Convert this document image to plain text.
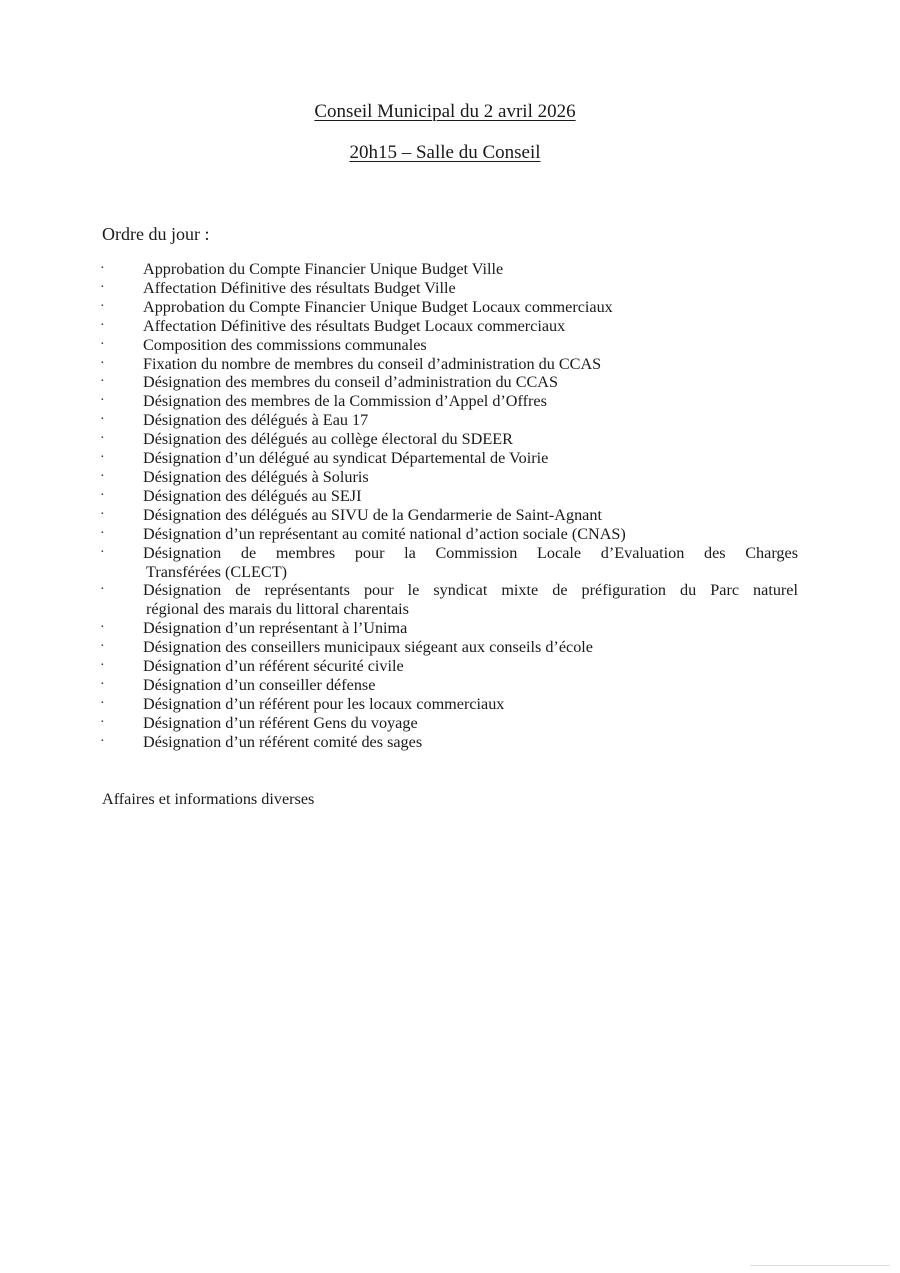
Conseil Municipal du 2 avril 2026
20h15 – Salle du Conseil
Ordre du jour :
· Approbation du Compte Financier Unique Budget Ville
· Affectation Définitive des résultats Budget Ville
· Approbation du Compte Financier Unique Budget Locaux commerciaux
· Affectation Définitive des résultats Budget Locaux commerciaux
· Composition des commissions communales
· Fixation du nombre de membres du conseil d’administration du CCAS
· Désignation des membres du conseil d’administration du CCAS
· Désignation des membres de la Commission d’Appel d’Offres
· Désignation des délégués à Eau 17
· Désignation des délégués au collège électoral du SDEER
· Désignation d’un délégué au syndicat Départemental de Voirie
· Désignation des délégués à Soluris
· Désignation des délégués au SEJI
· Désignation des délégués au SIVU de la Gendarmerie de Saint-Agnant
· Désignation d’un représentant au comité national d’action sociale (CNAS)
· Désignation de membres pour la Commission Locale d’Evaluation des Charges
Transférées (CLECT)
· Désignation de représentants pour le syndicat mixte de préfiguration du Parc naturel
régional des marais du littoral charentais
· Désignation d’un représentant à l’Unima
· Désignation des conseillers municipaux siégeant aux conseils d’école
· Désignation d’un référent sécurité civile
· Désignation d’un conseiller défense
· Désignation d’un référent pour les locaux commerciaux
· Désignation d’un référent Gens du voyage
· Désignation d’un référent comité des sages
Affaires et informations diverses
